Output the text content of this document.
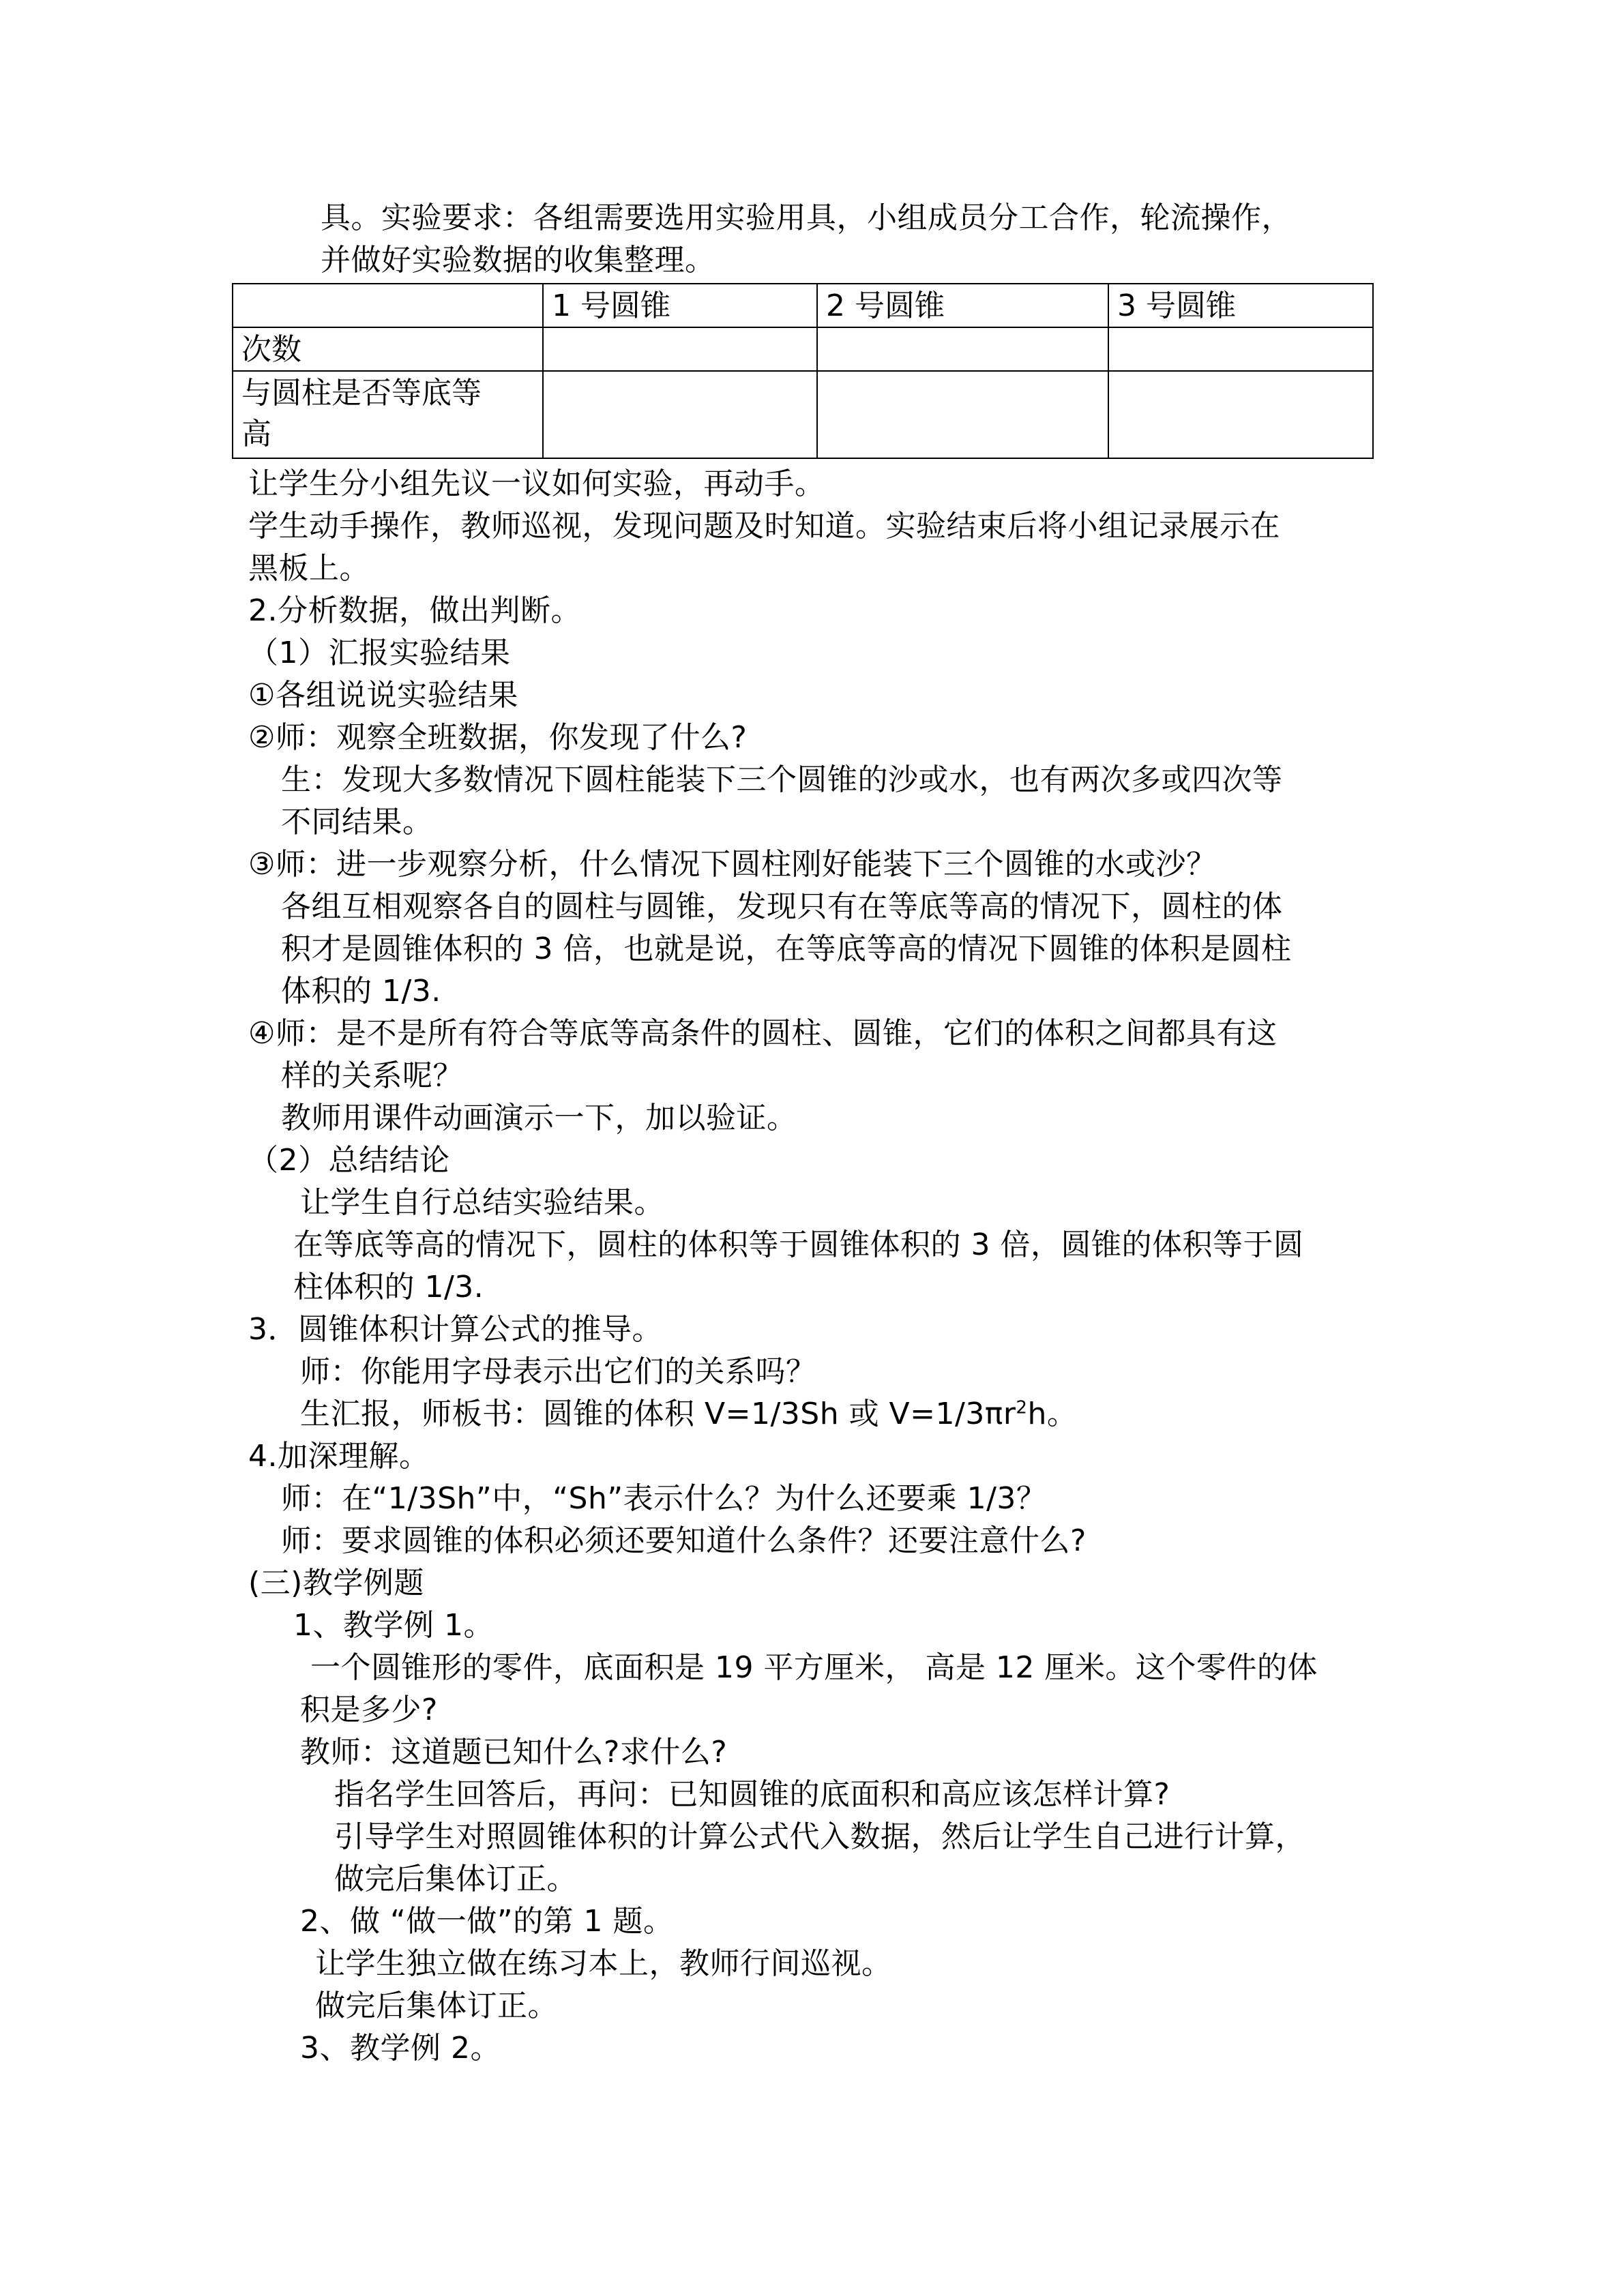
具。实验要求：各组需要选用实验用具，小组成员分工合作，轮流操作，
并做好实验数据的收集整理。
	1 号圆锥	2 号圆锥	3 号圆锥
次数			

与圆柱是否等底等
高			

让学生分小组先议一议如何实验，再动手。
学生动手操作，教师巡视，发现问题及时知道。实验结束后将小组记录展示在
黑板上。
2.分析数据，做出判断。
（1）汇报实验结果
①各组说说实验结果
②师：观察全班数据，你发现了什么?
生：发现大多数情况下圆柱能装下三个圆锥的沙或水，也有两次多或四次等
不同结果。
③师：进一步观察分析，什么情况下圆柱刚好能装下三个圆锥的水或沙？
各组互相观察各自的圆柱与圆锥，发现只有在等底等高的情况下，圆柱的体
积才是圆锥体积的 3 倍，也就是说，在等底等高的情况下圆锥的体积是圆柱
体积的 1/3.
④师：是不是所有符合等底等高条件的圆柱、圆锥，它们的体积之间都具有这
样的关系呢？
教师用课件动画演示一下，加以验证。
（2）总结结论
让学生自行总结实验结果。
在等底等高的情况下，圆柱的体积等于圆锥体积的 3 倍，圆锥的体积等于圆
柱体积的 1/3.
3．圆锥体积计算公式的推导。
师：你能用字母表示出它们的关系吗？
生汇报，师板书：圆锥的体积 V=1/3Sh 或 $V=1/3\pi r^2h$。
4.加深理解。
师：在“1/3Sh”中，“Sh”表示什么？为什么还要乘 1/3？
师：要求圆锥的体积必须还要知道什么条件？还要注意什么?
(三)教学例题
1、教学例 1。
一个圆锥形的零件，底面积是 19 平方厘米， 高是 12 厘米。这个零件的体
积是多少?
教师：这道题已知什么?求什么?
指名学生回答后，再问：已知圆锥的底面积和高应该怎样计算?
引导学生对照圆锥体积的计算公式代入数据，然后让学生自己进行计算，
做完后集体订正。
2、做 “做一做”的第 1 题。
让学生独立做在练习本上，教师行间巡视。
做完后集体订正。
3、教学例 2。
